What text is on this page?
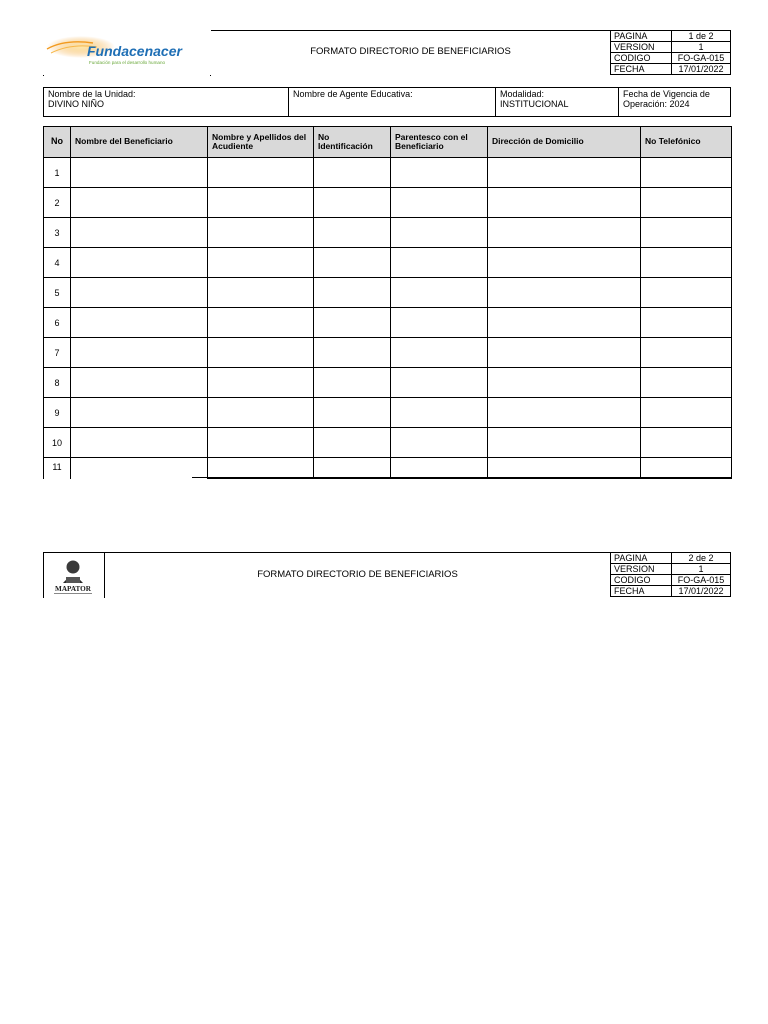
Fundacenacer
Fundación para el desarrollo humano
FORMATO DIRECTORIO DE BENEFICIARIOS
PAGINA	1 de 2
VERSION	1
CODIGO	FO-GA-015
FECHA	17/01/2022
Nombre de la Unidad:
DIVINO NIÑO
Nombre de Agente Educativa:	Modalidad:
INSTITUCIONAL
Fecha de Vigencia de
Operación: 2024
No	Nombre del Beneficiario	Nombre y Apellidos del Acudiente	No Identificación	Parentesco con el Beneficiario	Dirección de Domicilio	No Telefónico
1						
2						
3						
4						
5						
6						
7						
8						
9						
10						
11						
MAPATOR
FORMATO DIRECTORIO DE BENEFICIARIOS
PAGINA	2 de 2
VERSION	1
CODIGO	FO-GA-015
FECHA	17/01/2022
